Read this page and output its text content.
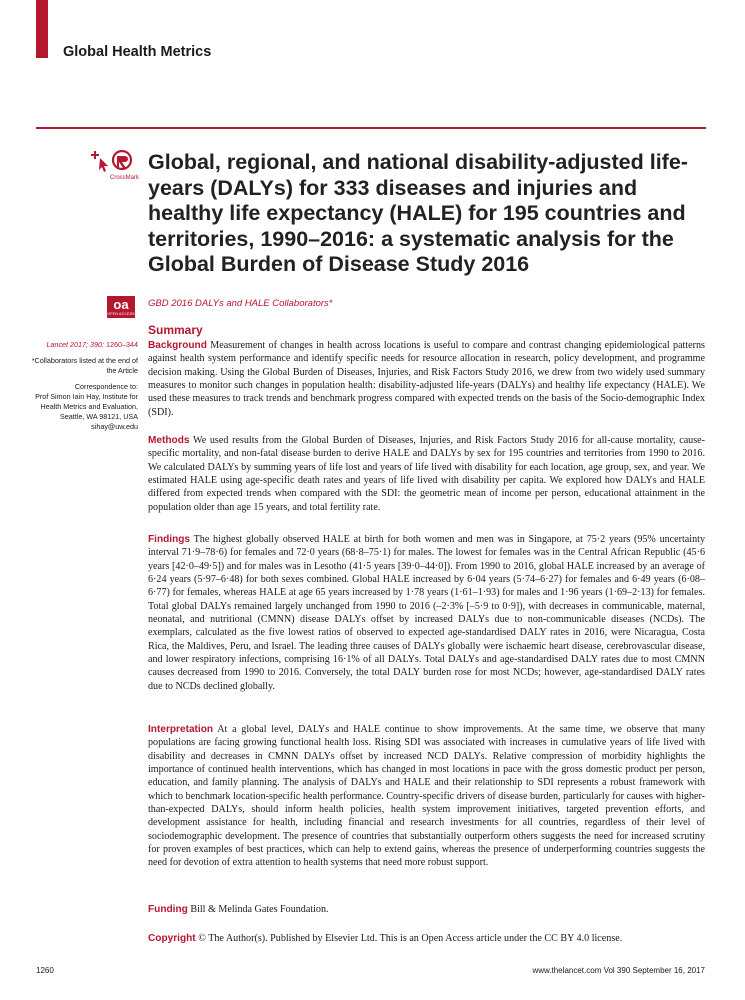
Global Health Metrics
CrossMark
Global, regional, and national disability-adjusted life-years (DALYs) for 333 diseases and injuries and healthy life expectancy (HALE) for 195 countries and territories, 1990–2016: a systematic analysis for the Global Burden of Disease Study 2016
oa
OPEN ACCESS
GBD 2016 DALYs and HALE Collaborators*

Lancet 2017; 390: 1260–344

*Collaborators listed at the end of the Article

Correspondence to:
Prof Simon Iain Hay, Institute for Health Metrics and Evaluation, Seattle, WA 98121, USA
sihay@uw.edu

Summary

Background Measurement of changes in health across locations is useful to compare and contrast changing epidemiological patterns against health system performance and identify specific needs for resource allocation in research, policy development, and programme decision making. Using the Global Burden of Diseases, Injuries, and Risk Factors Study 2016, we drew from two widely used summary measures to monitor such changes in population health: disability-adjusted life-years (DALYs) and healthy life expectancy (HALE). We used these measures to track trends and benchmark progress compared with expected trends on the basis of the Socio-demographic Index (SDI).

Methods We used results from the Global Burden of Diseases, Injuries, and Risk Factors Study 2016 for all-cause mortality, cause-specific mortality, and non-fatal disease burden to derive HALE and DALYs by sex for 195 countries and territories from 1990 to 2016. We calculated DALYs by summing years of life lost and years of life lived with disability for each location, age group, sex, and year. We estimated HALE using age-specific death rates and years of life lived with disability per capita. We explored how DALYs and HALE differed from expected trends when compared with the SDI: the geometric mean of income per person, educational attainment in the population older than age 15 years, and total fertility rate.

Findings The highest globally observed HALE at birth for both women and men was in Singapore, at 75·2 years (95% uncertainty interval 71·9–78·6) for females and 72·0 years (68·8–75·1) for males. The lowest for females was in the Central African Republic (45·6 years [42·0–49·5]) and for males was in Lesotho (41·5 years [39·0–44·0]). From 1990 to 2016, global HALE increased by an average of 6·24 years (5·97–6·48) for both sexes combined. Global HALE increased by 6·04 years (5·74–6·27) for females and 6·49 years (6·08–6·77) for females, whereas HALE at age 65 years increased by 1·78 years (1·61–1·93) for males and 1·96 years (1·69–2·13) for females. Total global DALYs remained largely unchanged from 1990 to 2016 (–2·3% [–5·9 to 0·9]), with decreases in communicable, maternal, neonatal, and nutritional (CMNN) disease DALYs offset by increased DALYs due to non-communicable diseases (NCDs). The exemplars, calculated as the five lowest ratios of observed to expected age-standardised DALY rates in 2016, were Nicaragua, Costa Rica, the Maldives, Peru, and Israel. The leading three causes of DALYs globally were ischaemic heart disease, cerebrovascular disease, and lower respiratory infections, comprising 16·1% of all DALYs. Total DALYs and age-standardised DALY rates due to most CMNN causes decreased from 1990 to 2016. Conversely, the total DALY burden rose for most NCDs; however, age-standardised DALY rates due to NCDs declined globally.

Interpretation At a global level, DALYs and HALE continue to show improvements. At the same time, we observe that many populations are facing growing functional health loss. Rising SDI was associated with increases in cumulative years of life lived with disability and decreases in CMNN DALYs offset by increased NCD DALYs. Relative compression of morbidity highlights the importance of continued health interventions, which has changed in most locations in pace with the gross domestic product per person, education, and family planning. The analysis of DALYs and HALE and their relationship to SDI represents a robust framework with which to benchmark location-specific health performance. Country-specific drivers of disease burden, particularly for causes with higher-than-expected DALYs, should inform health policies, health system improvement initiatives, targeted prevention efforts, and development assistance for health, including financial and research investments for all countries, regardless of their level of sociodemographic development. The presence of countries that substantially outperform others suggests the need for increased scrutiny for proven examples of best practices, which can help to extend gains, whereas the presence of underperforming countries suggests the need for devotion of extra attention to health systems that need more robust support.

Funding Bill & Melinda Gates Foundation.

Copyright © The Author(s). Published by Elsevier Ltd. This is an Open Access article under the CC BY 4.0 license.

1260	www.thelancet.com Vol 390 September 16, 2017
